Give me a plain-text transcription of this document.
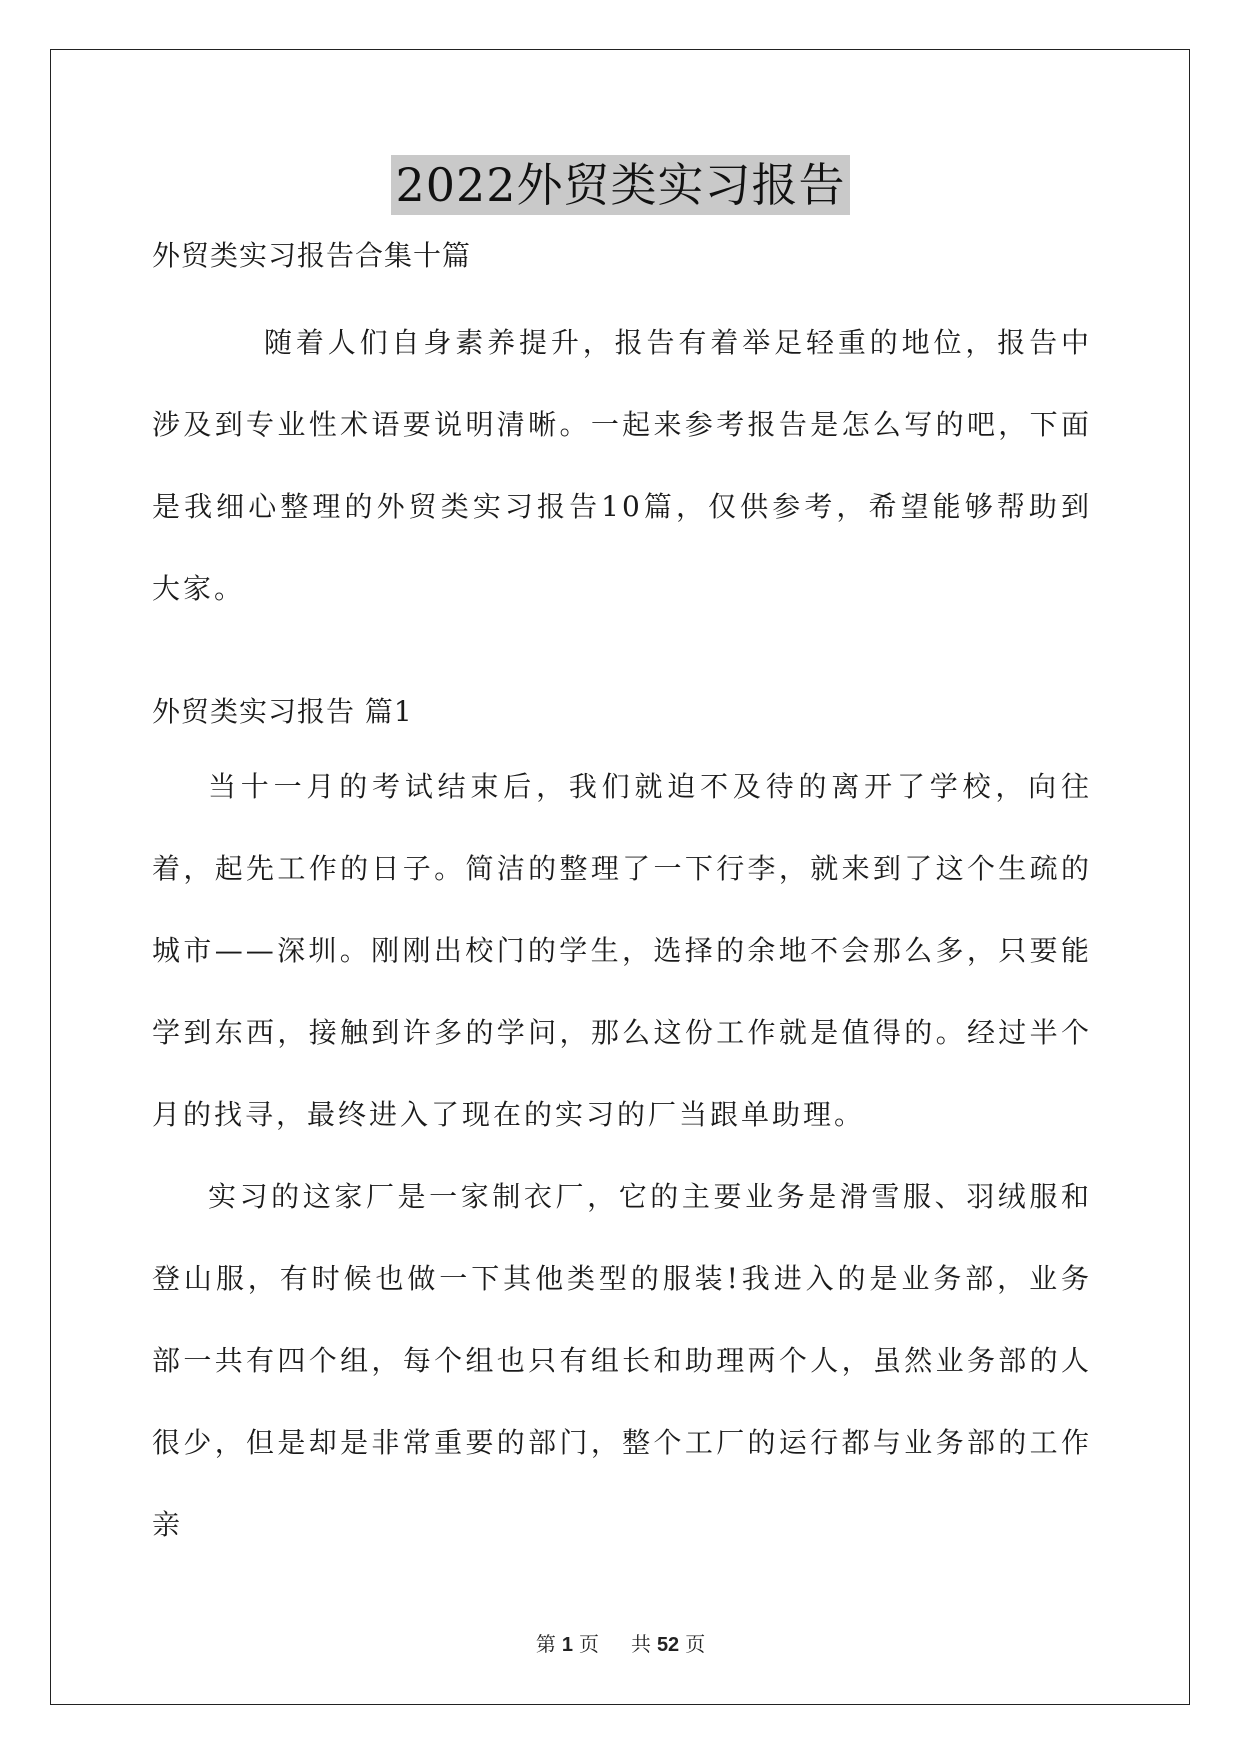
2022外贸类实习报告
外贸类实习报告合集十篇

随着人们自身素养提升，报告有着举足轻重的地位，报告中涉及到专业性术语要说明清晰。一起来参考报告是怎么写的吧，下面是我细心整理的外贸类实习报告10篇，仅供参考，希望能够帮助到大家。

外贸类实习报告 篇1

当十一月的考试结束后，我们就迫不及待的离开了学校，向往着，起先工作的日子。简洁的整理了一下行李，就来到了这个生疏的城市——深圳。刚刚出校门的学生，选择的余地不会那么多，只要能学到东西，接触到许多的学问，那么这份工作就是值得的。经过半个月的找寻，最终进入了现在的实习的厂当跟单助理。

实习的这家厂是一家制衣厂，它的主要业务是滑雪服、羽绒服和登山服，有时候也做一下其他类型的服装!我进入的是业务部，业务部一共有四个组，每个组也只有组长和助理两个人，虽然业务部的人很少，但是却是非常重要的部门，整个工厂的运行都与业务部的工作亲

第 1 页 共 52 页
